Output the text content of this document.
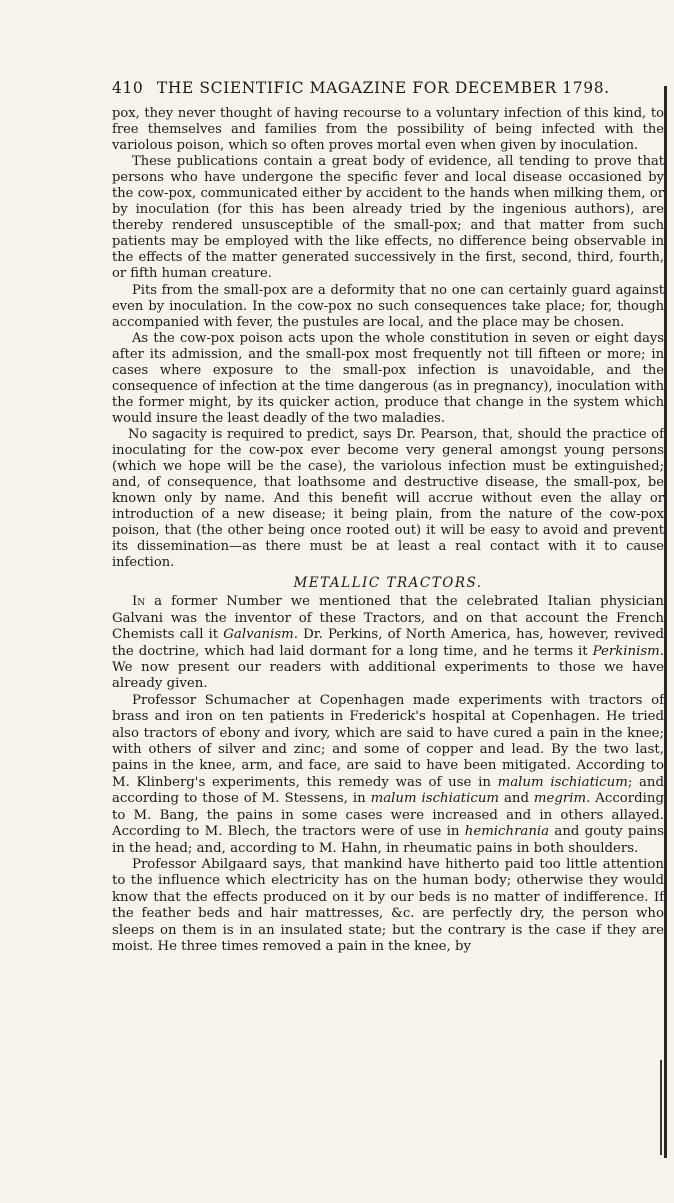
410 THE SCIENTIFIC MAGAZINE FOR DECEMBER 1798.

pox, they never thought of having recourse to a voluntary infection of this kind, to free themselves and families from the possibility of being infected with the variolous poison, which so often proves mortal even when given by inoculation.

These publications contain a great body of evidence, all tending to prove that persons who have undergone the specific fever and local disease occasioned by the cow-pox, communicated either by accident to the hands when milking them, or by inoculation (for this has been already tried by the ingenious authors), are thereby rendered unsusceptible of the small-pox; and that matter from such patients may be employed with the like effects, no difference being observable in the effects of the matter generated successively in the first, second, third, fourth, or fifth human creature.

Pits from the small-pox are a deformity that no one can certainly guard against even by inoculation. In the cow-pox no such consequences take place; for, though accompanied with fever, the pustules are local, and the place may be chosen.

As the cow-pox poison acts upon the whole constitution in seven or eight days after its admission, and the small-pox most frequently not till fifteen or more; in cases where exposure to the small-pox infection is unavoidable, and the consequence of infection at the time dangerous (as in pregnancy), inoculation with the former might, by its quicker action, produce that change in the system which would insure the least deadly of the two maladies.

No sagacity is required to predict, says Dr. Pearson, that, should the practice of inoculating for the cow-pox ever become very general amongst young persons (which we hope will be the case), the variolous infection must be extinguished; and, of consequence, that loathsome and destructive disease, the small-pox, be known only by name. And this benefit will accrue without even the allay or introduction of a new disease; it being plain, from the nature of the cow-pox poison, that (the other being once rooted out) it will be easy to avoid and prevent its dissemination—as there must be at least a real contact with it to cause infection.

METALLIC TRACTORS.

In a former Number we mentioned that the celebrated Italian physician Galvani was the inventor of these Tractors, and on that account the French Chemists call it Galvanism. Dr. Perkins, of North America, has, however, revived the doctrine, which had laid dormant for a long time, and he terms it Perkinism. We now present our readers with additional experiments to those we have already given.

Professor Schumacher at Copenhagen made experiments with tractors of brass and iron on ten patients in Frederick's hospital at Copenhagen. He tried also tractors of ebony and ivory, which are said to have cured a pain in the knee; with others of silver and zinc; and some of copper and lead. By the two last, pains in the knee, arm, and face, are said to have been mitigated. According to M. Klinberg's experiments, this remedy was of use in malum ischiaticum; and according to those of M. Stessens, in malum ischiaticum and megrim. According to M. Bang, the pains in some cases were increased and in others allayed. According to M. Blech, the tractors were of use in hemichrania and gouty pains in the head; and, according to M. Hahn, in rheumatic pains in both shoulders.

Professor Abilgaard says, that mankind have hitherto paid too little attention to the influence which electricity has on the human body; otherwise they would know that the effects produced on it by our beds is no matter of indifference. If the feather beds and hair mattresses, &c. are perfectly dry, the person who sleeps on them is in an insulated state; but the contrary is the case if they are moist. He three times removed a pain in the knee, by
